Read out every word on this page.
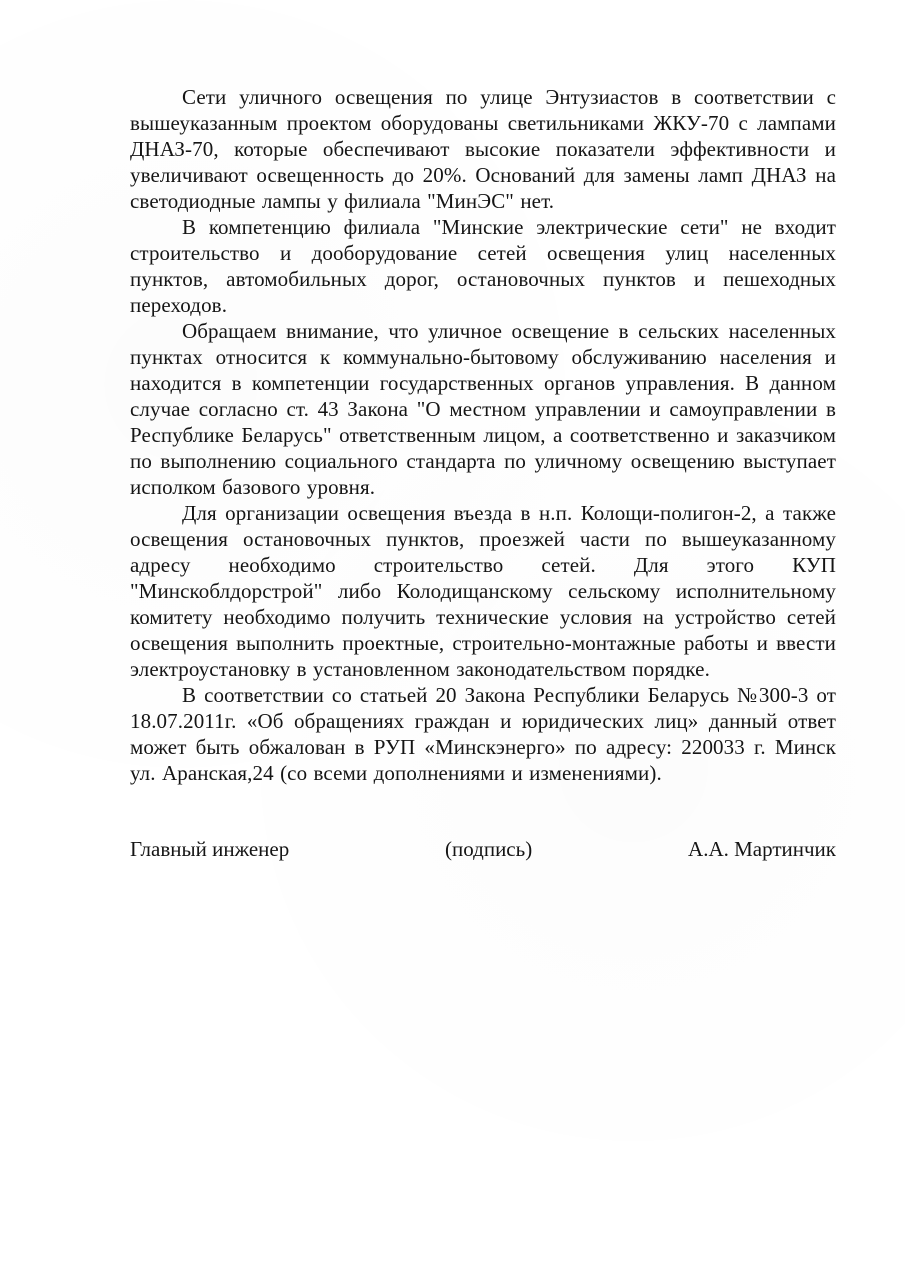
Сети уличного освещения по улице Энтузиастов в соответствии с вышеуказанным проектом оборудованы светильниками ЖКУ-70 с лампами ДНАЗ-70, которые обеспечивают высокие показатели эффективности и увеличивают освещенность до 20%. Оснований для замены ламп ДНАЗ на светодиодные лампы у филиала "МинЭС" нет.

В компетенцию филиала "Минские электрические сети" не входит строительство и дооборудование сетей освещения улиц населенных пунктов, автомобильных дорог, остановочных пунктов и пешеходных переходов.

Обращаем внимание, что уличное освещение в сельских населенных пунктах относится к коммунально-бытовому обслуживанию населения и находится в компетенции государственных органов управления. В данном случае согласно ст. 43 Закона "О местном управлении и самоуправлении в Республике Беларусь" ответственным лицом, а соответственно и заказчиком по выполнению социального стандарта по уличному освещению выступает исполком базового уровня.

Для организации освещения въезда в н.п. Колощи-полигон-2, а также освещения остановочных пунктов, проезжей части по вышеуказанному адресу необходимо строительство сетей. Для этого КУП "Минскоблдорстрой" либо Колодищанскому сельскому исполнительному комитету необходимо получить технические условия на устройство сетей освещения выполнить проектные, строительно-монтажные работы и ввести электроустановку в установленном законодательством порядке.

В соответствии со статьей 20 Закона Республики Беларусь №300-3 от 18.07.2011г. «Об обращениях граждан и юридических лиц» данный ответ может быть обжалован в РУП «Минскэнерго» по адресу: 220033 г. Минск ул. Аранская,24 (со всеми дополнениями и изменениями).

Главный инженер	(подпись)	А.А. Мартинчик
